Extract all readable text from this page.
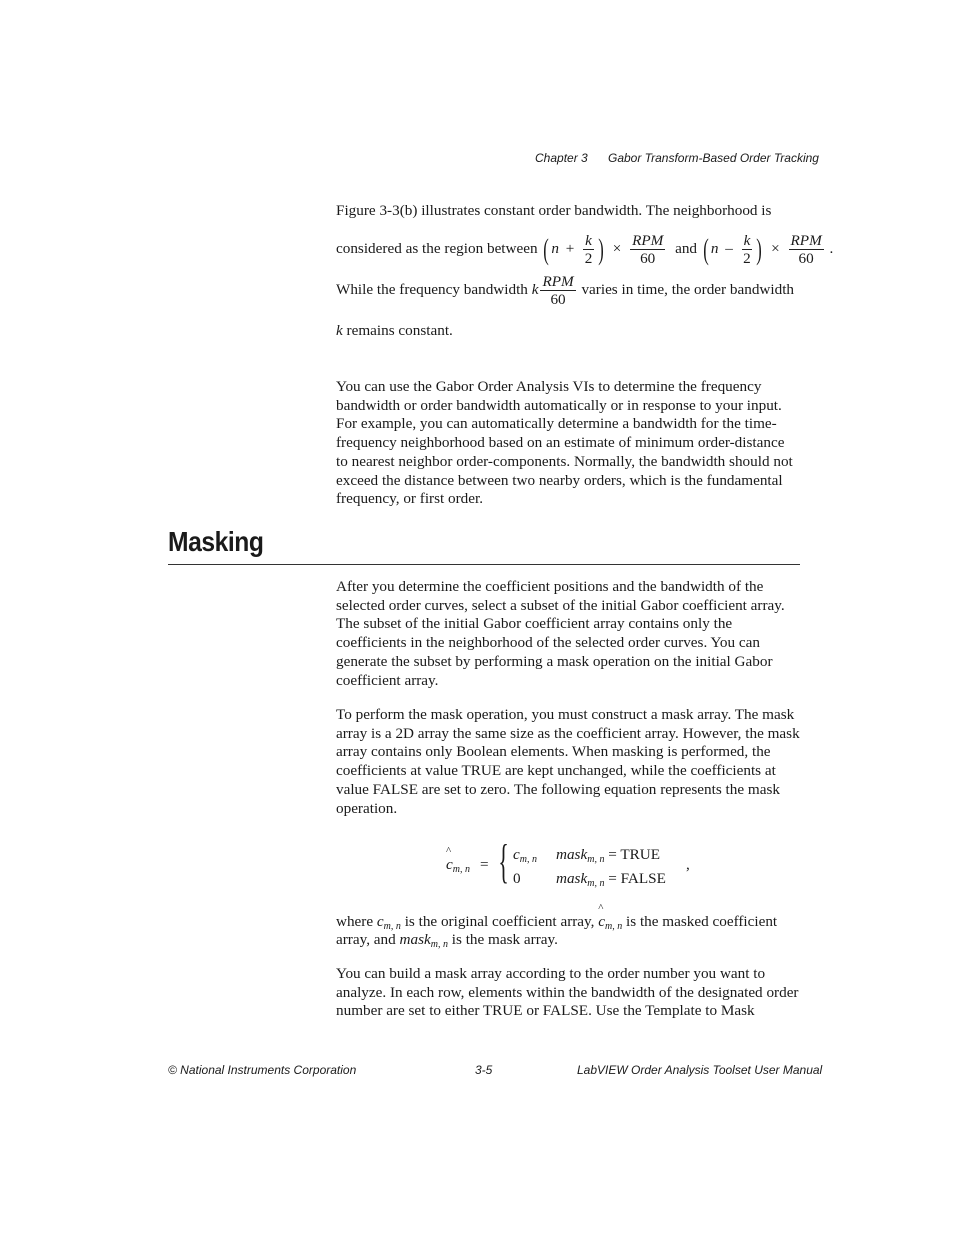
Chapter 3 Gabor Transform-Based Order Tracking
Figure 3-3(b) illustrates constant order bandwidth. The neighborhood is
considered as the region between ( $n + \frac{k}{2}$ ) × $\frac{\text{RPM}}{60}$ and ( n – $\frac{k}{2}$ ) × $\frac{\text{RPM}}{60}$ .
While the frequency bandwidth k $\frac{\text{RPM}}{60}$ varies in time, the order bandwidth
k remains constant.

You can use the Gabor Order Analysis VIs to determine the frequency bandwidth or order bandwidth automatically or in response to your input. For example, you can automatically determine a bandwidth for the time-frequency neighborhood based on an estimate of minimum order-distance to nearest neighbor order-components. Normally, the bandwidth should not exceed the distance between two nearby orders, which is the fundamental frequency, or first order.

Masking

After you determine the coefficient positions and the bandwidth of the selected order curves, select a subset of the initial Gabor coefficient array. The subset of the initial Gabor coefficient array contains only the coefficients in the neighborhood of the selected order curves. You can generate the subset by performing a mask operation on the initial Gabor coefficient array.

To perform the mask operation, you must construct a mask array. The mask array is a 2D array the same size as the coefficient array. However, the mask array contains only Boolean elements. When masking is performed, the coefficients at value TRUE are kept unchanged, while the coefficients at value FALSE are set to zero. The following equation represents the mask operation.

^ $c_{m, n}$ = { $c_{m, n}$ mask$_{m, n}$ = TRUE
0 mask$_{m, n}$ = FALSE
,
where $c_{m, n}$ is the original coefficient array, ^ $c_{m, n}$ is the masked coefficient
array, and mask$_{m, n}$ is the mask array.

You can build a mask array according to the order number you want to analyze. In each row, elements within the bandwidth of the designated order number are set to either TRUE or FALSE. Use the Template to Mask

© National Instruments Corporation	3-5	LabVIEW Order Analysis Toolset User Manual
